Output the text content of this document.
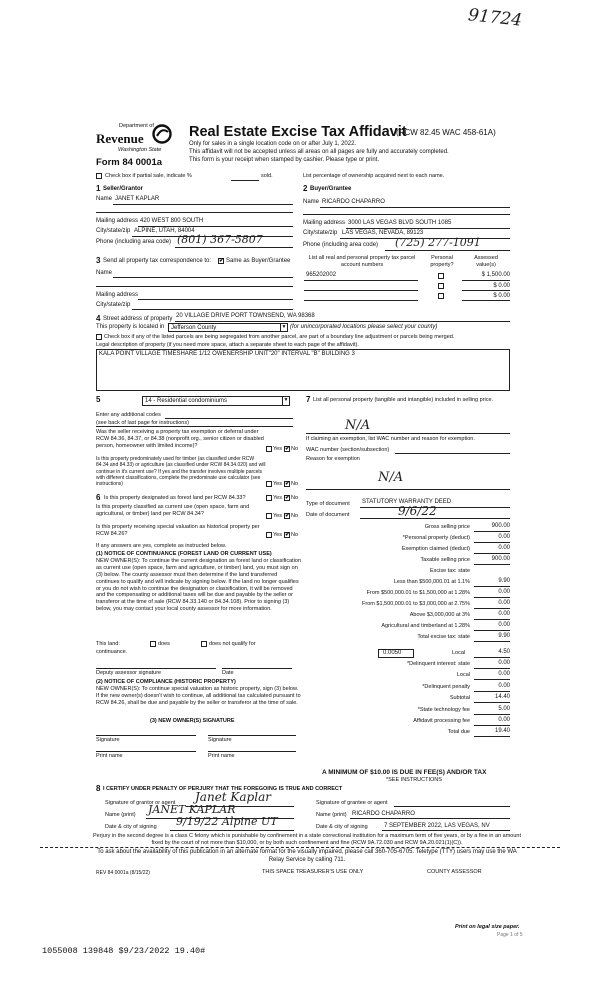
91724
Department of
Revenue
Washington State
Form 84 0001a
Real Estate Excise Tax Affidavit
(RCW 82.45 WAC 458-61A)
Only for sales in a single location code on or after July 1, 2022.
This affidavit will not be accepted unless all areas on all pages are fully and accurately completed.
This form is your receipt when stamped by cashier. Please type or print.
Check box if partial sale, indicate %	sold.	List percentage of ownership acquired next to each name.
1 Seller/Grantor
Name JANET KAPLAR
Mailing address 420 WEST 800 SOUTH
City/state/zip ALPINE, UTAH, 84004
Phone (including area code) (801) 367-5807
2 Buyer/Grantee
Name RICARDO CHAPARRO
Mailing address 3000 LAS VEGAS BLVD SOUTH 1085
City/state/zip LAS VEGAS, NEVADA, 89123
Phone (including area code) (725) 277-1091
3 Send all property tax correspondence to: ✔ Same as Buyer/Grantee
Name
Mailing address
City/state/zip
List all real and personal property tax parcel account numbers
Personal property?
Assessed value(s)
965202002	$ 1,500.00
$ 0.00
$ 0.00
4 Street address of property 20 VILLAGE DRIVE PORT TOWNSEND, WA 98368
This property is located in	Jefferson County	▼ (for unincorporated locations please select your county)
Check box if any of the listed parcels are being segregated from another parcel, are part of a boundary line adjustment or parcels being merged.
Legal description of property (if you need more space, attach a separate sheet to each page of the affidavit).
KALA POINT VILLAGE TIMESHARE 1/12 OWENERSHIP UNIT"20" INTERVAL "B" BUILDING 3
5	14 - Residential condominiums	▼
Enter any additional codes
(see back of last page for instructions)
Was the seller receiving a property tax exemption or deferral under RCW 84.36, 84.37, or 84.38 (nonprofit org., senior citizen or disabled person, homeowner with limited income)?
Yes ✔ No
Is this property predominately used for timber (as classified under RCW 84.34 and 84.33) or agriculture (as classified under RCW 84.34.020) and will continue in it's current use? If yes and the transfer involves multiple parcels with different classifications, complete the predominate use calculator (see instructions)	Yes ✔ No
6 Is this property designated as forest land per RCW 84.33?	Yes ✔ No
Is this property classified as current use (open space, farm and agricultural, or timber) land per RCW 84.34?	Yes ✔ No
Is this property receiving special valuation as historical property per RCW 84.26?	Yes ✔ No
If any answers are yes, complete as instructed below.
(1) NOTICE OF CONTINUANCE (FOREST LAND OR CURRENT USE)
NEW OWNER(S): To continue the current designation as forest land or classification as current use (open space, farm and agriculture, or timber) land, you must sign on (3) below. The county assessor must then determine if the land transferred continues to qualify and will indicate by signing below. If the land no longer qualifies or you do not wish to continue the designation or classification, it will be removed and the compensating or additional taxes will be due and payable by the seller or transferor at the time of sale (RCW 84.33.140 or 84.34.108). Prior to signing (3) below, you may contact your local county assessor for more information.
This land:	does	does not qualify for
continuance.
Deputy assessor signature	Date
(2) NOTICE OF COMPLIANCE (HISTORIC PROPERTY)
NEW OWNER(S): To continue special valuation as historic property, sign (3) below. If the new owner(s) doesn't wish to continue, all additional tax calculated pursuant to RCW 84.26, shall be due and payable by the seller or transferor at the time of sale.
(3) NEW OWNER(S) SIGNATURE
Signature	Signature
Print name	Print name
7 List all personal property (tangible and intangible) included in selling price.
N/A
If claiming an exemption, list WAC number and reason for exemption.
WAC number (section/subsection)
Reason for exemption
N/A
Type of document STATUTORY WARRANTY DEED
Date of document	9/6/22
Gross selling price	900.00
*Personal property (deduct)	0.00
Exemption claimed (deduct)	0.00
Taxable selling price	900.00
Excise tax: state
Less than $500,000.01 at 1.1%	9.90
From $500,000.01 to $1,500,000 at 1.28%	0.00
From $1,500,000.01 to $3,000,000 at 2.75%	0.00
Above $3,000,000 at 3%	0.00
Agricultural and timberland at 1.28%	0.00
Total excise tax: state	9.90
*Delinquent interest: state	0.00
Local	0.00
*Delinquent penalty	0.00
Subtotal	14.40
*State technology fee	5.00
Affidavit processing fee	0.00
Total due	19.40
0.0050	Local	4.50
A MINIMUM OF $10.00 IS DUE IN FEE(S) AND/OR TAX
*SEE INSTRUCTIONS
8 I CERTIFY UNDER PENALTY OF PERJURY THAT THE FOREGOING IS TRUE AND CORRECT
Signature of grantor or agent Janet Kaplar
Name (print) JANET KAPLAR
Date & city of signing 9/19/22 Alpine UT
Signature of grantee or agent
Name (print) RICARDO CHAPARRO
Date & city of signing	7 SEPTEMBER 2022, LAS VEGAS, NV
Perjury in the second degree is a class C felony which is punishable by confinement in a state correctional institution for a maximum term of five years, or by a fine in an amount fixed by the court of not more than $10,000, or by both such confinement and fine (RCW 9A.72.030 and RCW 9A.20.021(1)(C)).
To ask about the availability of this publication in an alternate format for the visually impaired, please call 360-705-6705. Teletype (TTY) users may use the WA Relay Service by calling 711.
REV 84 0001a (8/15/22)	THIS SPACE TREASURER'S USE ONLY	COUNTY ASSESSOR
Print on legal size paper.
Page 1 of 5
1055008 139848 $9/23/2022 19.40#
